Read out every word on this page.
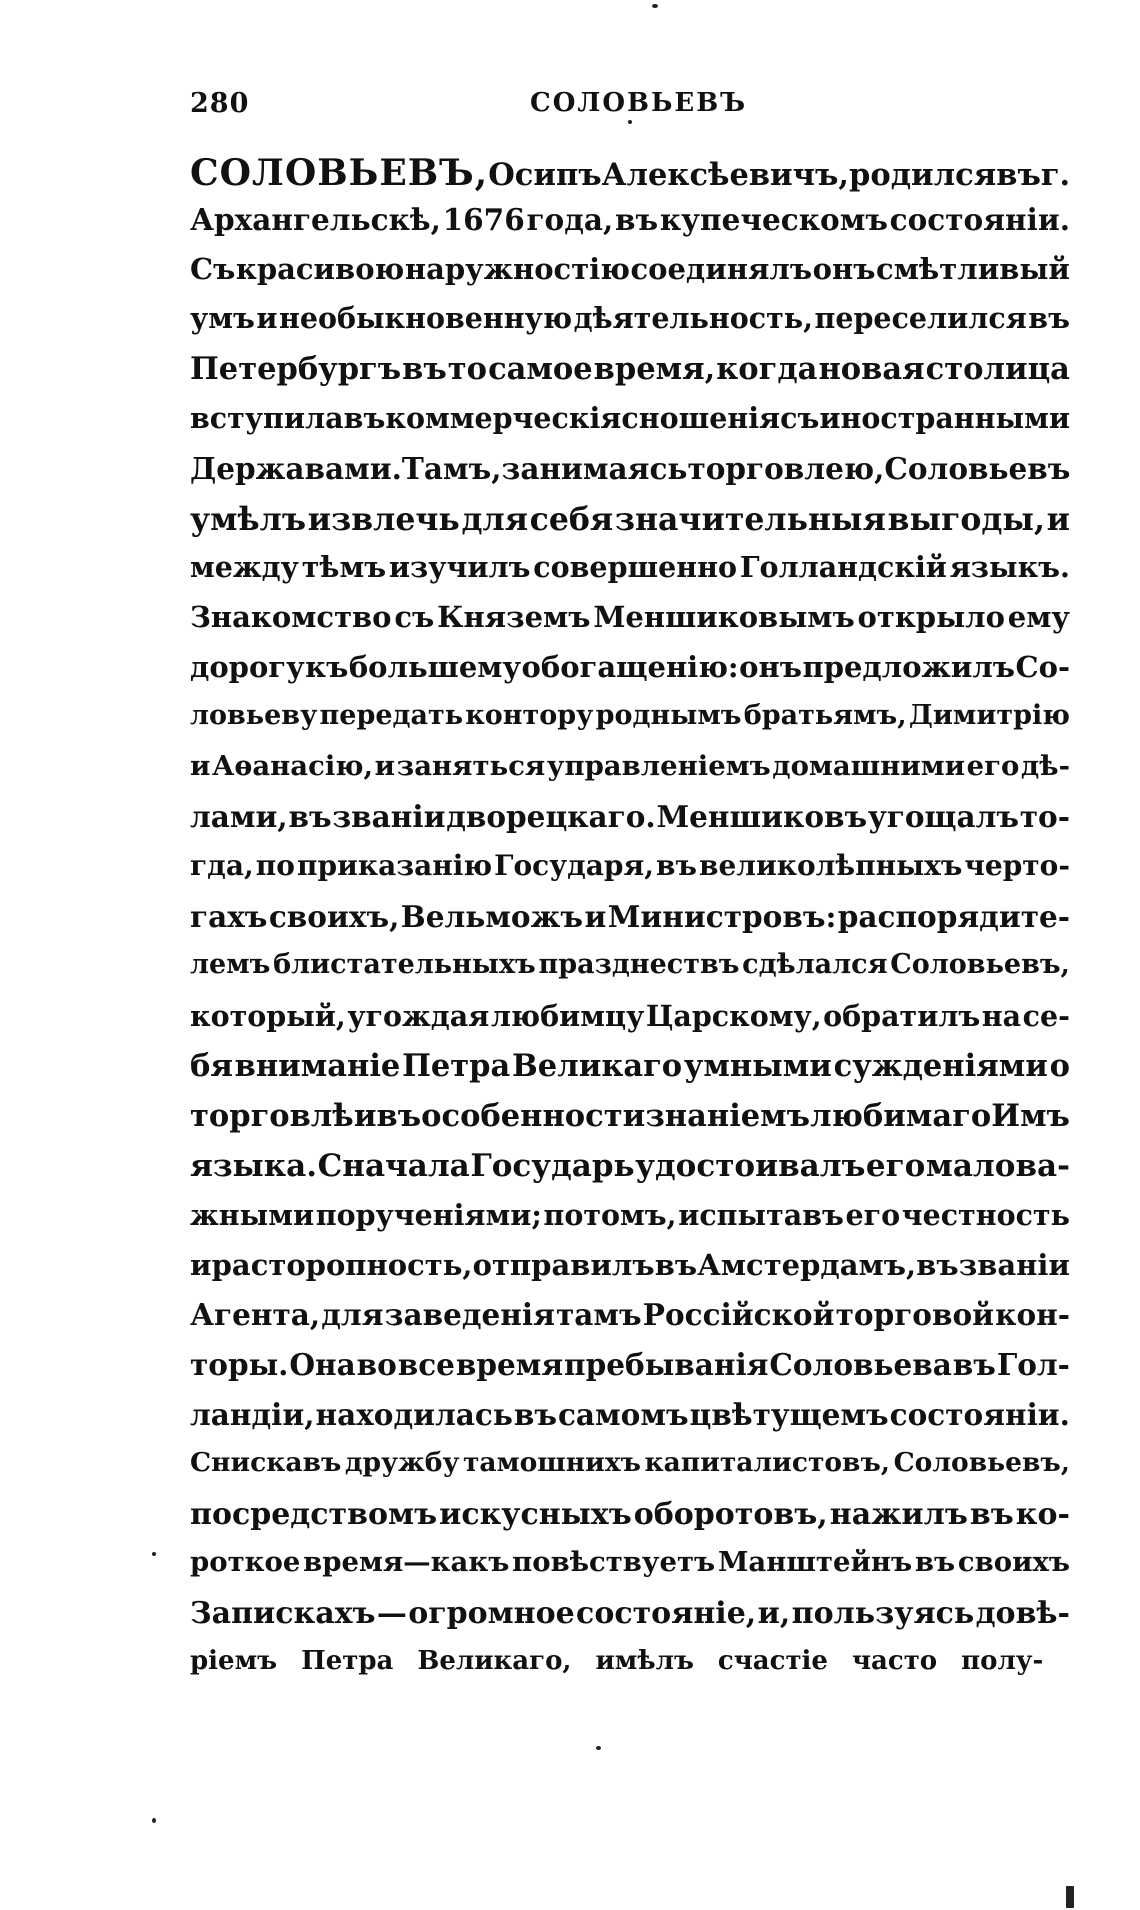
280	СОЛОВЬЕВЪ
СОЛОВЬЕВЪ, Осипъ Алексѣевичъ, родился въ г.
Архангельскѣ, 1676 года, въ купеческомъ состояніи.
Съ красивою наружностію соединялъ онъ смѣтливый
умъ и необыкновенную дѣятельность, переселился въ
Петербургъ въ то самое время, когда новая столица
вступила въ коммерческія сношенія съ иностранными
Державами. Тамъ, занимаясь торговлею, Соловьевъ
умѣлъ извлечь для себя значительныя выгоды, и
между тѣмъ изучилъ совершенно Голландскій языкъ.
Знакомство съ Княземъ Меншиковымъ открыло ему
дорогу къ большему обогащенію: онъ предложилъ Со-
ловьеву передать контору роднымъ братьямъ, Димитрію
и Аѳанасію, и заняться управленіемъ домашними его дѣ-
лами, въ званіи дворецкаго. Меншиковъ угощалъ то-
гда, по приказанію Государя, въ великолѣпныхъ черто-
гахъ своихъ, Вельможъ и Министровъ: распорядите-
лемъ блистательныхъ празднествъ сдѣлался Соловьевъ,
который, угождая любимцу Царскому, обратилъ на се-
бя вниманіе Петра Великаго умными сужденіями о
торговлѣ и въ особенности знаніемъ любимаго Имъ
языка. Сначала Государь удостоивалъ его малова-
жными порученіями; потомъ, испытавъ его честность
и расторопность, отправилъ въ Амстердамъ, въ званіи
Агента, для заведенія тамъ Россійской торговой кон-
торы. Она во все время пребыванія Соловьева въ Гол-
ландіи, находилась въ самомъ цвѣтущемъ состояніи.
Снискавъ дружбу тамошнихъ капиталистовъ, Соловьевъ,
посредствомъ искусныхъ оборотовъ, нажилъ въ ко-
роткое время—какъ повѣствуетъ Манштейнъ въ своихъ
Запискахъ — огромное состояніе, и, пользуясь довѣ-
ріемъ Петра Великаго, имѣлъ счастіе часто полу-
